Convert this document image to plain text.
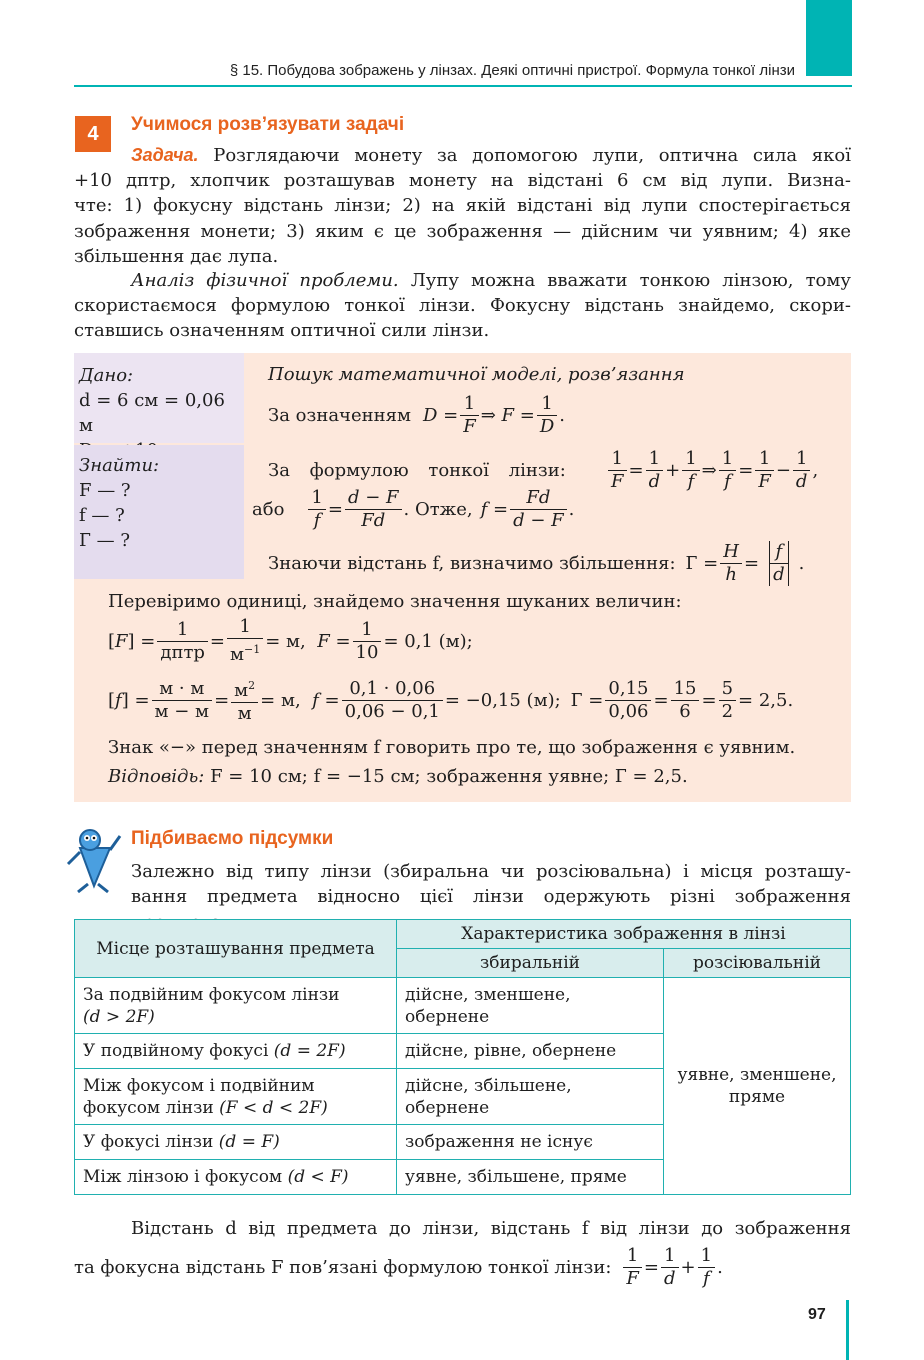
§ 15. Побудова зображень у лінзах. Деякі оптичні пристрої. Формула тонкої лінзи
4 Учимося розв’язувати задачі
Задача. Розглядаючи монету за допомогою лупи, оптична сила якої
+10 дптр, хлопчик розташував монету на відстані 6 см від лупи. Визна-
чте: 1) фокусну відстань лінзи; 2) на якій відстані від лупи спостерігається
зображення монети; 3) яким є це зображення — дійсним чи уявним; 4) яке
збільшення дає лупа.
Аналіз фізичної проблеми. Лупу можна вважати тонкою лінзою, тому
скористаємося формулою тонкої лінзи. Фокусну відстань знайдемо, скори-
ставшись означенням оптичної сили лінзи.
Дано:
d = 6 см = 0,06 м
Знайти:
F — ?
f — ?
Г — ?
Пошук математичної моделі, розв’язання
За означенням $D = \frac{1}{F}$ ⇒ $F = \frac{1}{D}$ .
За формулою тонкої лінзи: $\frac{1}{F} = \frac{1}{d} + \frac{1}{f}$ ⇒ $\frac{1}{f} = \frac{1}{F} - \frac{1}{d}$ ,
або $\frac{1}{f} = \frac{d - F}{Fd}$ . Отже, $f = \frac{Fd}{d - F}$ .
Знаючи відстань f, визначимо збільшення: $Г = \frac{H}{h} = \frac{f}{d}$ .
Перевіримо одиниці, знайдемо значення шуканих величин:
$[F] = \frac{1}{\text{дптр}} = \frac{1}{м^{-1}} = м$,  $F = \frac{1}{10} = 0,1$ (м);
$[f] = \frac{м \cdot м}{м - м} = \frac{м^2}{м} = м$,  $f = \frac{0,1 \cdot 0,06}{0,06 - 0,1} = -0,15$ (м); $Г = \frac{0,15}{0,06} = \frac{15}{6} = \frac{5}{2} = 2,5$.
Знак «−» перед значенням f говорить про те, що зображення є уявним.
Відповідь: F = 10 см; f = −15 см; зображення уявне; Г = 2,5.
Підбиваємо підсумки
Залежно від типу лінзи (збиральна чи розсіювальна) і місця розташу-
вання предмета відносно цієї лінзи одержують різні зображення
Місце розташування предмета	Характеристика зображення в лінзі	
	збиральній	розсіювальній
За подвійним фокусом лінзи
(d > 2F)	дійсне, зменшене, обернене	уявне, зменшене, пряме
У подвійному фокусі (d = 2F)	дійсне, рівне, обернене	
Між фокусом і подвійним фокусом лінзи (F < d < 2F)	дійсне, збільшене, обернене	
У фокусі лінзи (d = F)	зображення не існує	
Між лінзою і фокусом (d < F)	уявне, збільшене, пряме	
Відстань d від предмета до лінзи, відстань f від лінзи до зображення
та фокусна відстань F пов’язані формулою тонкої лінзи: $\frac{1}{F} = \frac{1}{d} + \frac{1}{f}$ .
97
